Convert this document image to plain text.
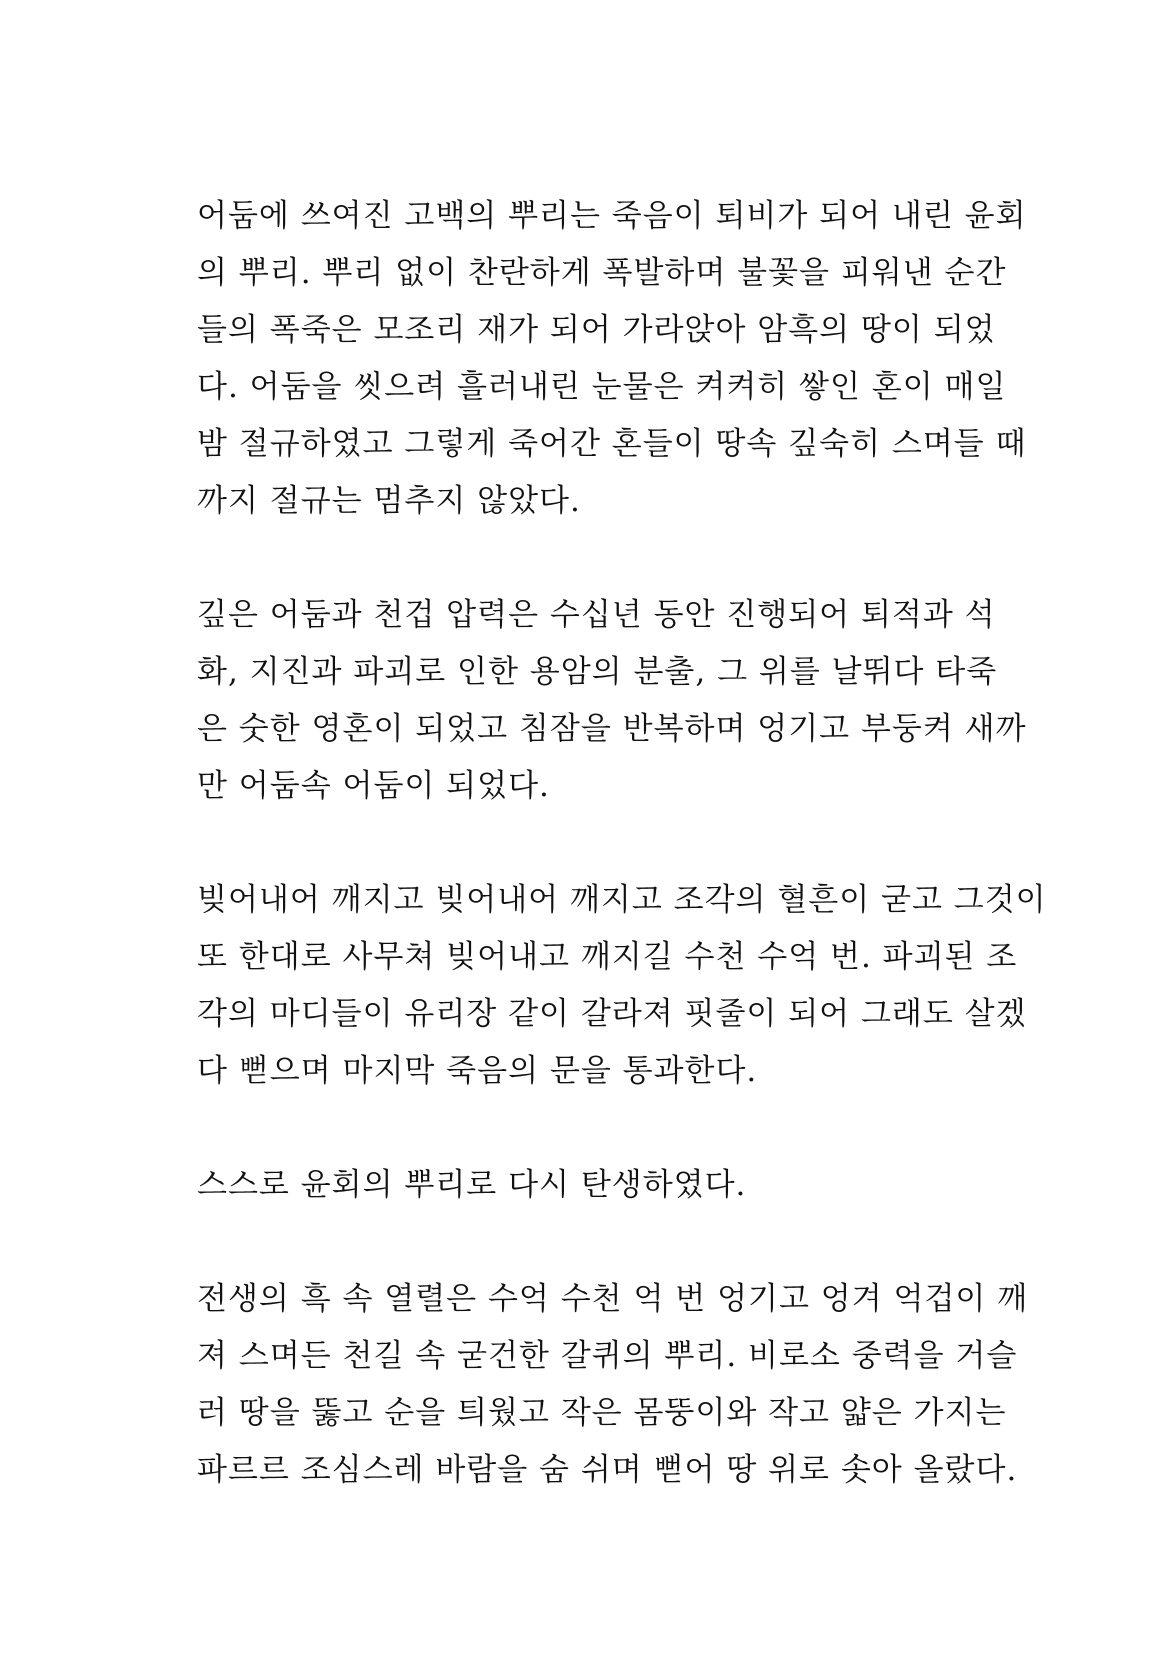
어둠에 쓰여진 고백의 뿌리는 죽음이 퇴비가 되어 내린 윤회
의 뿌리. 뿌리 없이 찬란하게 폭발하며 불꽃을 피워낸 순간
들의 폭죽은 모조리 재가 되어 가라앉아 암흑의 땅이 되었
다. 어둠을 씻으려 흘러내린 눈물은 켜켜히 쌓인 혼이 매일
밤 절규하였고 그렇게 죽어간 혼들이 땅속 깊숙히 스며들 때
까지 절규는 멈추지 않았다.
깊은 어둠과 천겁 압력은 수십년 동안 진행되어 퇴적과 석
화, 지진과 파괴로 인한 용암의 분출, 그 위를 날뛰다 타죽
은 숫한 영혼이 되었고 침잠을 반복하며 엉기고 부둥켜 새까
만 어둠속 어둠이 되었다.
빚어내어 깨지고 빚어내어 깨지고 조각의 혈흔이 굳고 그것이
또 한대로 사무쳐 빚어내고 깨지길 수천 수억 번. 파괴된 조
각의 마디들이 유리장 같이 갈라져 핏줄이 되어 그래도 살겠
다 뻗으며 마지막 죽음의 문을 통과한다.
스스로 윤회의 뿌리로 다시 탄생하였다.
전생의 흑 속 열렬은 수억 수천 억 번 엉기고 엉겨 억겁이 깨
져 스며든 천길 속 굳건한 갈퀴의 뿌리. 비로소 중력을 거슬
러 땅을 뚫고 순을 틔웠고 작은 몸뚱이와 작고 얇은 가지는
파르르 조심스레 바람을 숨 쉬며 뻗어 땅 위로 솟아 올랐다.
